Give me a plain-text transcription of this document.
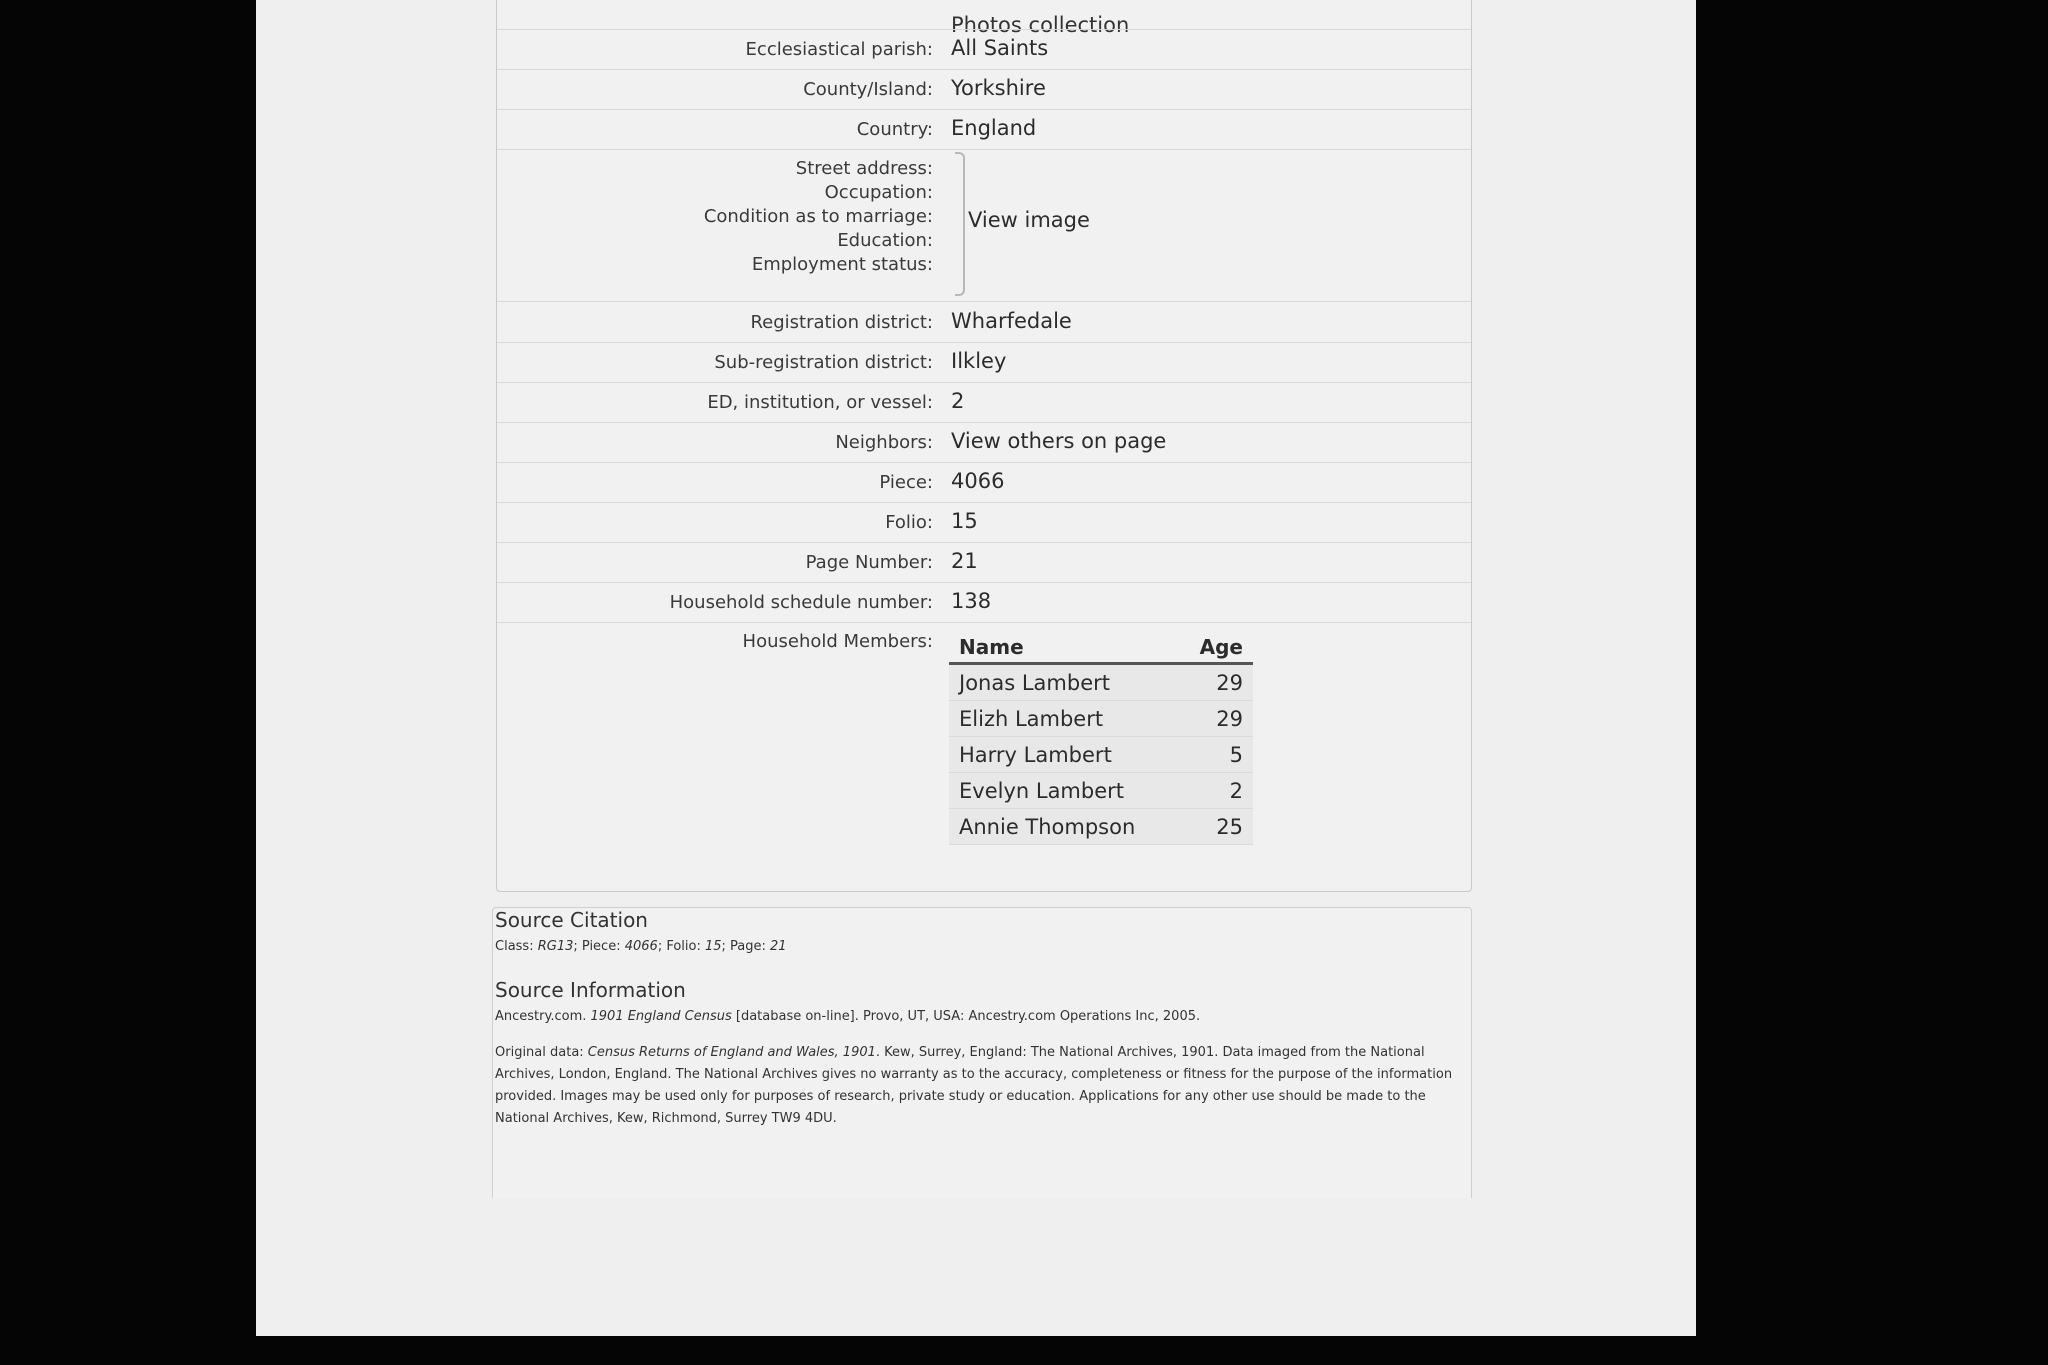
Photos collection
Ecclesiastical parish: All Saints
County/Island: Yorkshire
Country: England
Street address:
Occupation:
Condition as to marriage:
Education:
Employment status:
View image
Registration district: Wharfedale
Sub-registration district: Ilkley
ED, institution, or vessel: 2
Neighbors: View others on page
Piece: 4066
Folio: 15
Page Number: 21
Household schedule number: 138
Household Members: Name	Age
Jonas Lambert	29
Elizh Lambert	29
Harry Lambert	5
Evelyn Lambert	2
Annie Thompson	25
Source Citation
Class: RG13; Piece: 4066; Folio: 15; Page: 21
Source Information
Ancestry.com. 1901 England Census [database on-line]. Provo, UT, USA: Ancestry.com Operations Inc, 2005.
Original data: Census Returns of England and Wales, 1901. Kew, Surrey, England: The National Archives, 1901. Data imaged from the National Archives, London, England. The National Archives gives no warranty as to the accuracy, completeness or fitness for the purpose of the information provided. Images may be used only for purposes of research, private study or education. Applications for any other use should be made to the National Archives, Kew, Richmond, Surrey TW9 4DU.
